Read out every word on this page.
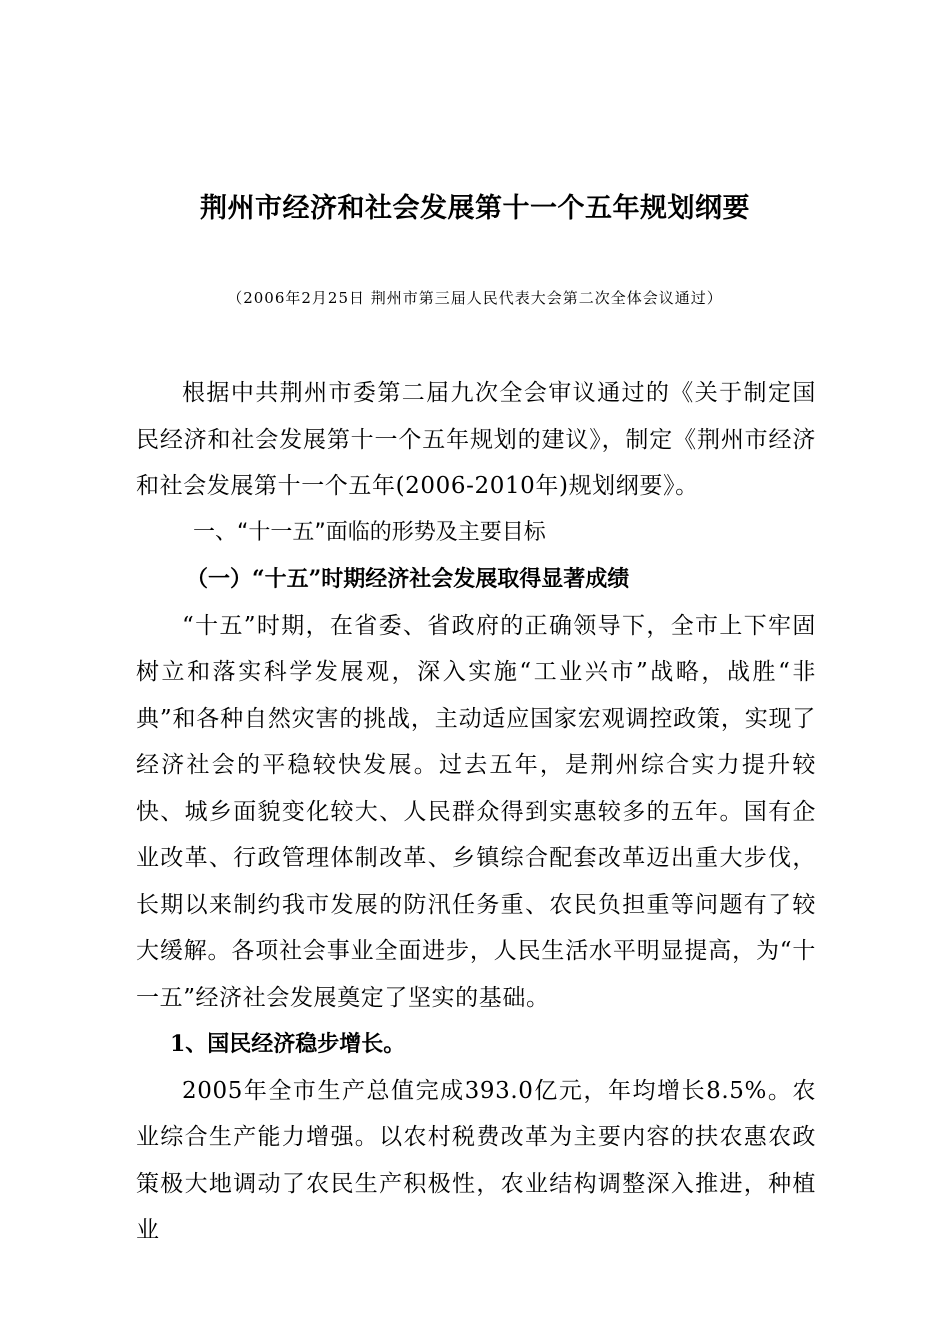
荆州市经济和社会发展第十一个五年规划纲要
（2006年2月25日 荆州市第三届人民代表大会第二次全体会议通过）

根据中共荆州市委第二届九次全会审议通过的《关于制定国民经济和社会发展第十一个五年规划的建议》，制定《荆州市经济和社会发展第十一个五年(2006-2010年)规划纲要》。

一、“十一五”面临的形势及主要目标

（一）“十五”时期经济社会发展取得显著成绩

“十五”时期，在省委、省政府的正确领导下，全市上下牢固树立和落实科学发展观，深入实施“工业兴市”战略，战胜“非典”和各种自然灾害的挑战，主动适应国家宏观调控政策，实现了经济社会的平稳较快发展。过去五年，是荆州综合实力提升较快、城乡面貌变化较大、人民群众得到实惠较多的五年。国有企业改革、行政管理体制改革、乡镇综合配套改革迈出重大步伐，长期以来制约我市发展的防汛任务重、农民负担重等问题有了较大缓解。各项社会事业全面进步，人民生活水平明显提高，为“十一五”经济社会发展奠定了坚实的基础。

1、国民经济稳步增长。

2005年全市生产总值完成393.0亿元，年均增长8.5%。农业综合生产能力增强。以农村税费改革为主要内容的扶农惠农政策极大地调动了农民生产积极性，农业结构调整深入推进，种植业
